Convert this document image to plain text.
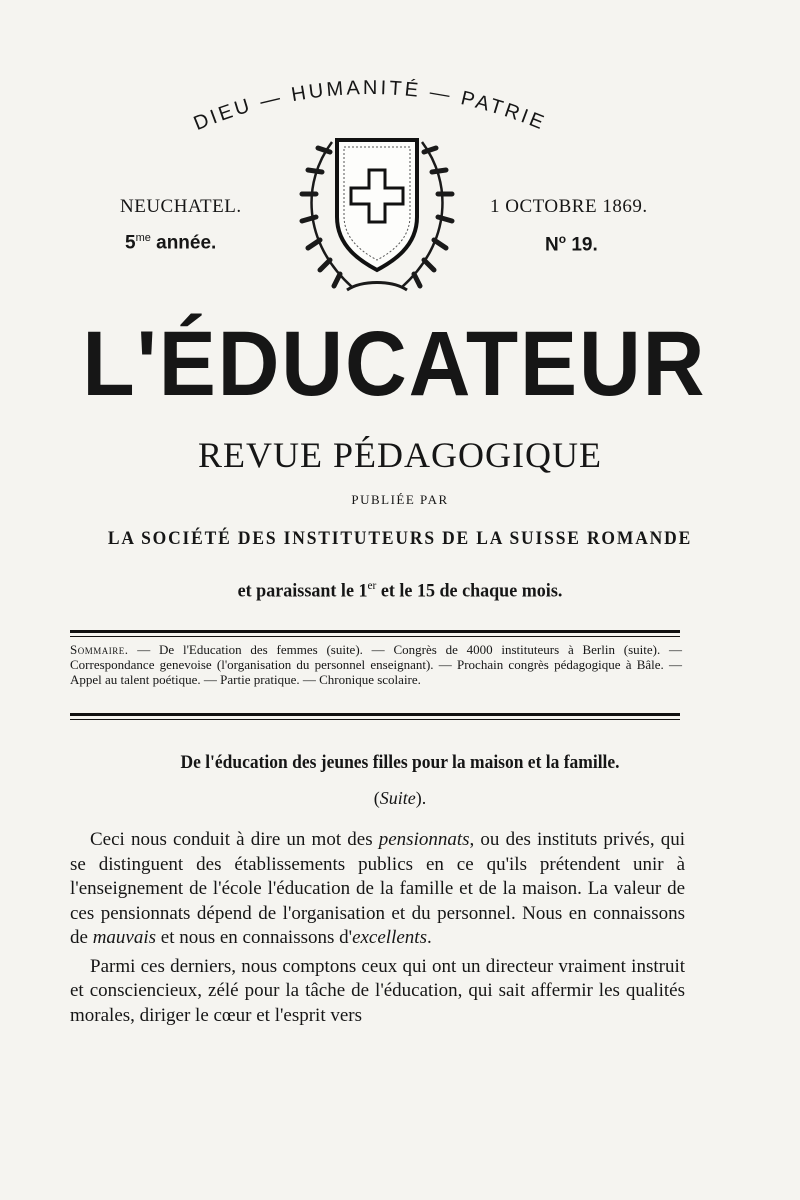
DIEU — HUMANITÉ — PATRIE
NEUCHATEL.
$5^{me}$ année.
1 OCTOBRE 1869.
$N^o$ 19.
L'ÉDUCATEUR
REVUE PÉDAGOGIQUE
PUBLIÉE PAR
LA SOCIÉTÉ DES INSTITUTEURS DE LA SUISSE ROMANDE
et paraissant le 1er et le 15 de chaque mois.
Sommaire. — De l'Education des femmes (suite). — Congrès de 4000 instituteurs à Berlin (suite). — Correspondance genevoise (l'organisation du personnel enseignant). — Prochain congrès pédagogique à Bâle. — Appel au talent poétique. — Partie pratique. — Chronique scolaire.
De l'éducation des jeunes filles pour la maison et la famille.
(Suite).

Ceci nous conduit à dire un mot des pensionnats, ou des instituts privés, qui se distinguent des établissements publics en ce qu'ils prétendent unir à l'enseignement de l'école l'éducation de la famille et de la maison. La valeur de ces pensionnats dépend de l'organisation et du personnel. Nous en connaissons de mauvais et nous en connaissons d'excellents.

Parmi ces derniers, nous comptons ceux qui ont un directeur vraiment instruit et consciencieux, zélé pour la tâche de l'éducation, qui sait affermir les qualités morales, diriger le cœur et l'esprit vers
